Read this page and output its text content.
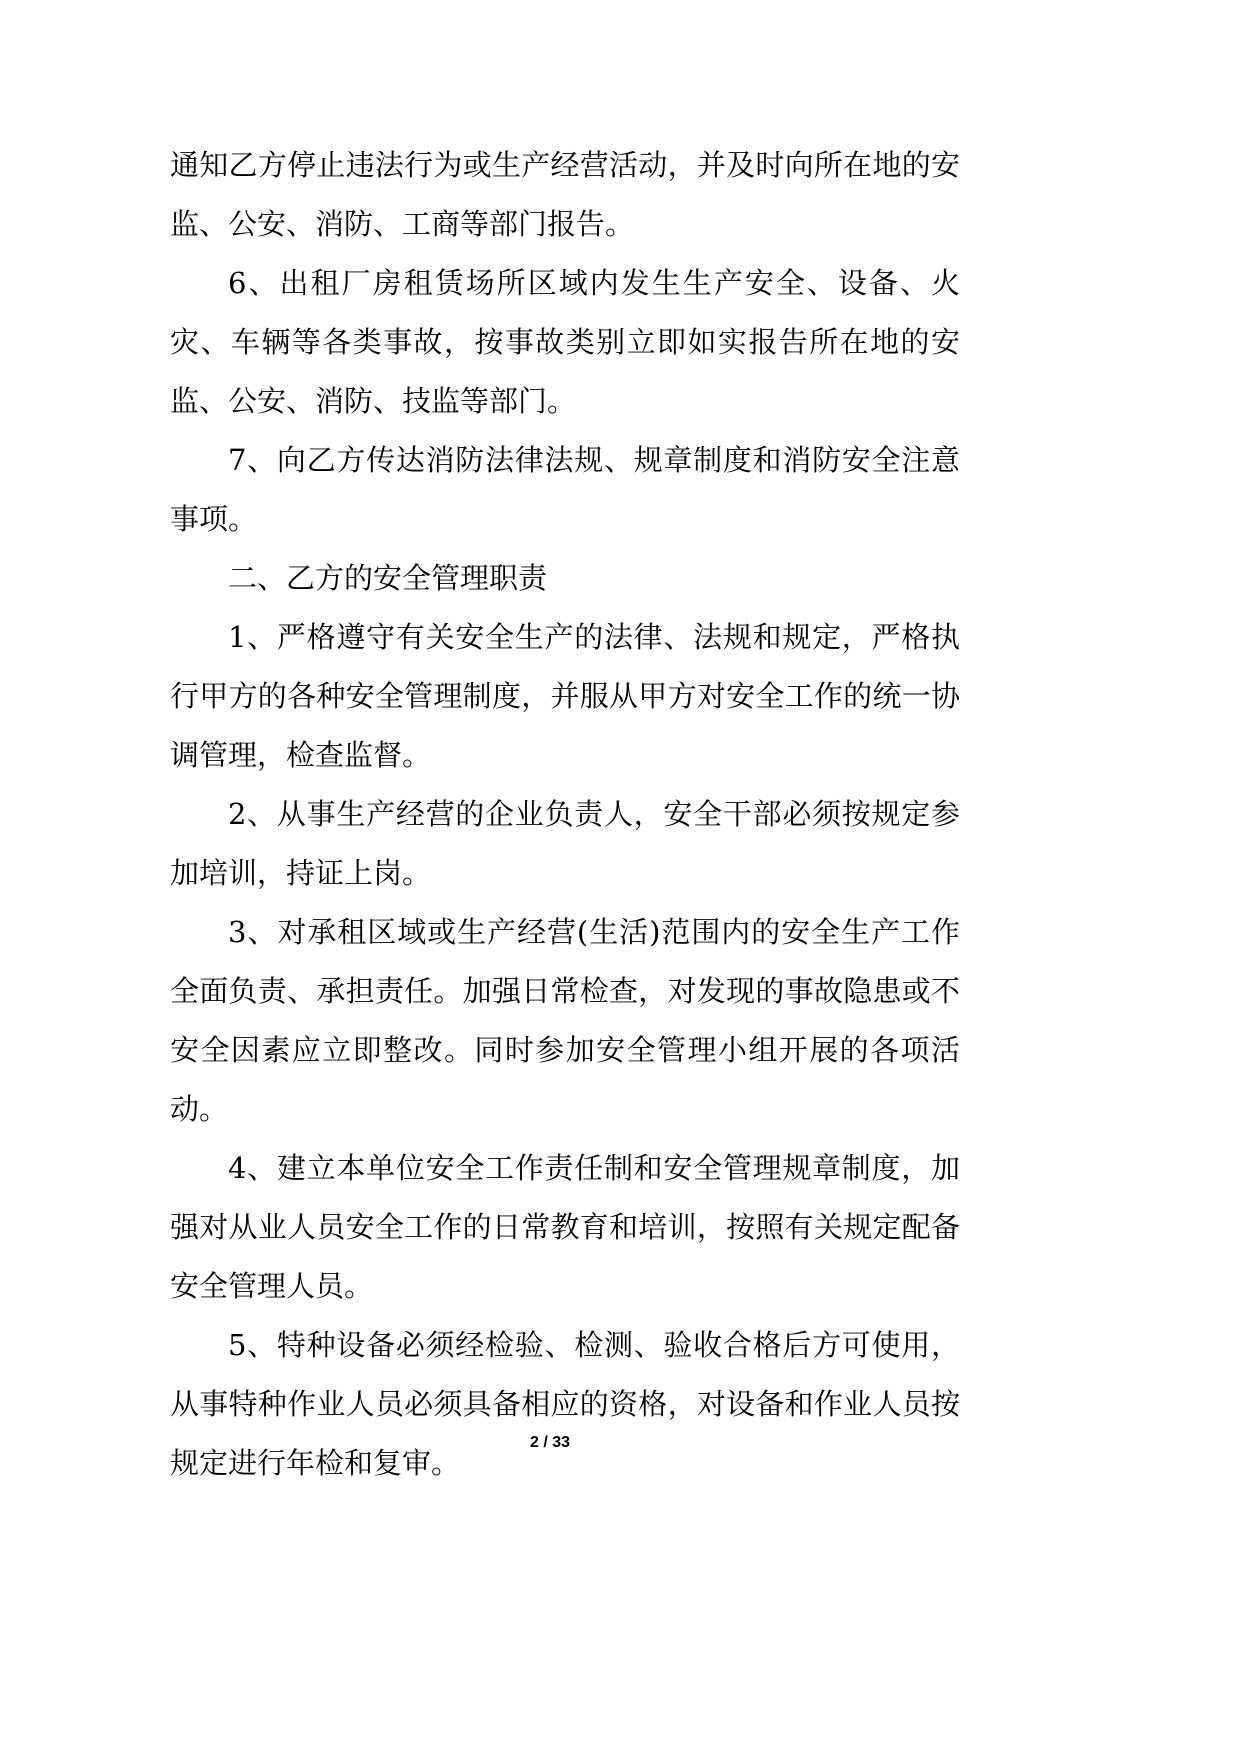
通知乙方停止违法行为或生产经营活动，并及时向所在地的安监、公安、消防、工商等部门报告。

6、出租厂房租赁场所区域内发生生产安全、设备、火灾、车辆等各类事故，按事故类别立即如实报告所在地的安监、公安、消防、技监等部门。

7、向乙方传达消防法律法规、规章制度和消防安全注意事项。

二、乙方的安全管理职责

1、严格遵守有关安全生产的法律、法规和规定，严格执行甲方的各种安全管理制度，并服从甲方对安全工作的统一协调管理，检查监督。

2、从事生产经营的企业负责人，安全干部必须按规定参加培训，持证上岗。

3、对承租区域或生产经营(生活)范围内的安全生产工作全面负责、承担责任。加强日常检查，对发现的事故隐患或不安全因素应立即整改。同时参加安全管理小组开展的各项活动。

4、建立本单位安全工作责任制和安全管理规章制度，加强对从业人员安全工作的日常教育和培训，按照有关规定配备安全管理人员。

5、特种设备必须经检验、检测、验收合格后方可使用，从事特种作业人员必须具备相应的资格，对设备和作业人员按规定进行年检和复审。

2 / 33
